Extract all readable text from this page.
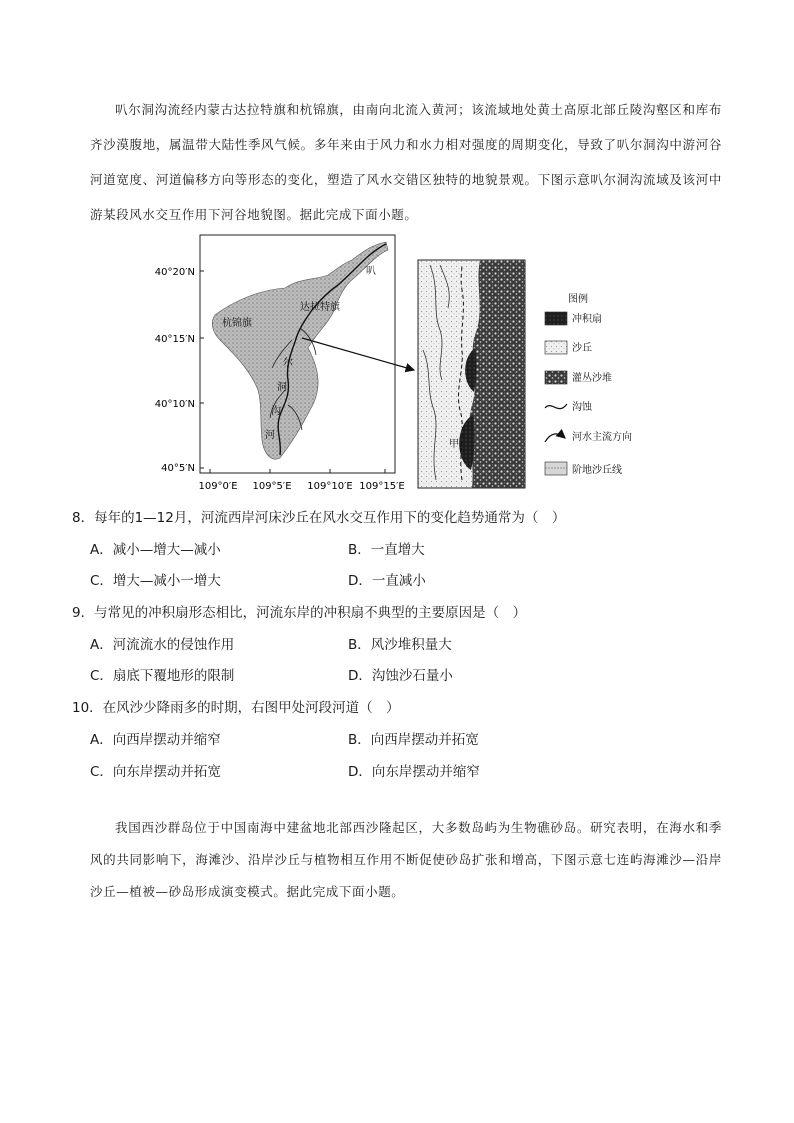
叭尔洞沟流经内蒙古达拉特旗和杭锦旗，由南向北流入黄河；该流域地处黄土高原北部丘陵沟壑区和库布齐沙漠腹地，属温带大陆性季风气候。多年来由于风力和水力相对强度的周期变化，导致了叭尔洞沟中游河谷河道宽度、河道偏移方向等形态的变化，塑造了风水交错区独特的地貌景观。下图示意叭尔洞沟流域及该河中游某段风水交互作用下河谷地貌图。据此完成下面小题。

40°20′N
40°15′N
40°10′N
40°5′N
109°0′E 109°5′E 109°10′E 109°15′E
杭锦旗
达拉特旗
叭
尔
洞
沟
河
甲
图例
冲积扇
沙丘
灌丛沙堆
沟蚀
河水主流方向
阶地沙丘线

8．每年的1—12月，河流西岸河床沙丘在风水交互作用下的变化趋势通常为（　）

A．减小—增大—减小	B．一直增大

C．增大—减小一增大	D．一直减小

9．与常见的冲积扇形态相比，河流东岸的冲积扇不典型的主要原因是（　）

A．河流流水的侵蚀作用	B．风沙堆积量大

C．扇底下覆地形的限制	D．沟蚀沙石量小

10．在风沙少降雨多的时期，右图甲处河段河道（　）

A．向西岸摆动并缩窄	B．向西岸摆动并拓宽

C．向东岸摆动并拓宽	D．向东岸摆动并缩窄

我国西沙群岛位于中国南海中建盆地北部西沙隆起区，大多数岛屿为生物礁砂岛。研究表明，在海水和季风的共同影响下，海滩沙、沿岸沙丘与植物相互作用不断促使砂岛扩张和增高，下图示意七连屿海滩沙—沿岸沙丘—植被—砂岛形成演变模式。据此完成下面小题。
